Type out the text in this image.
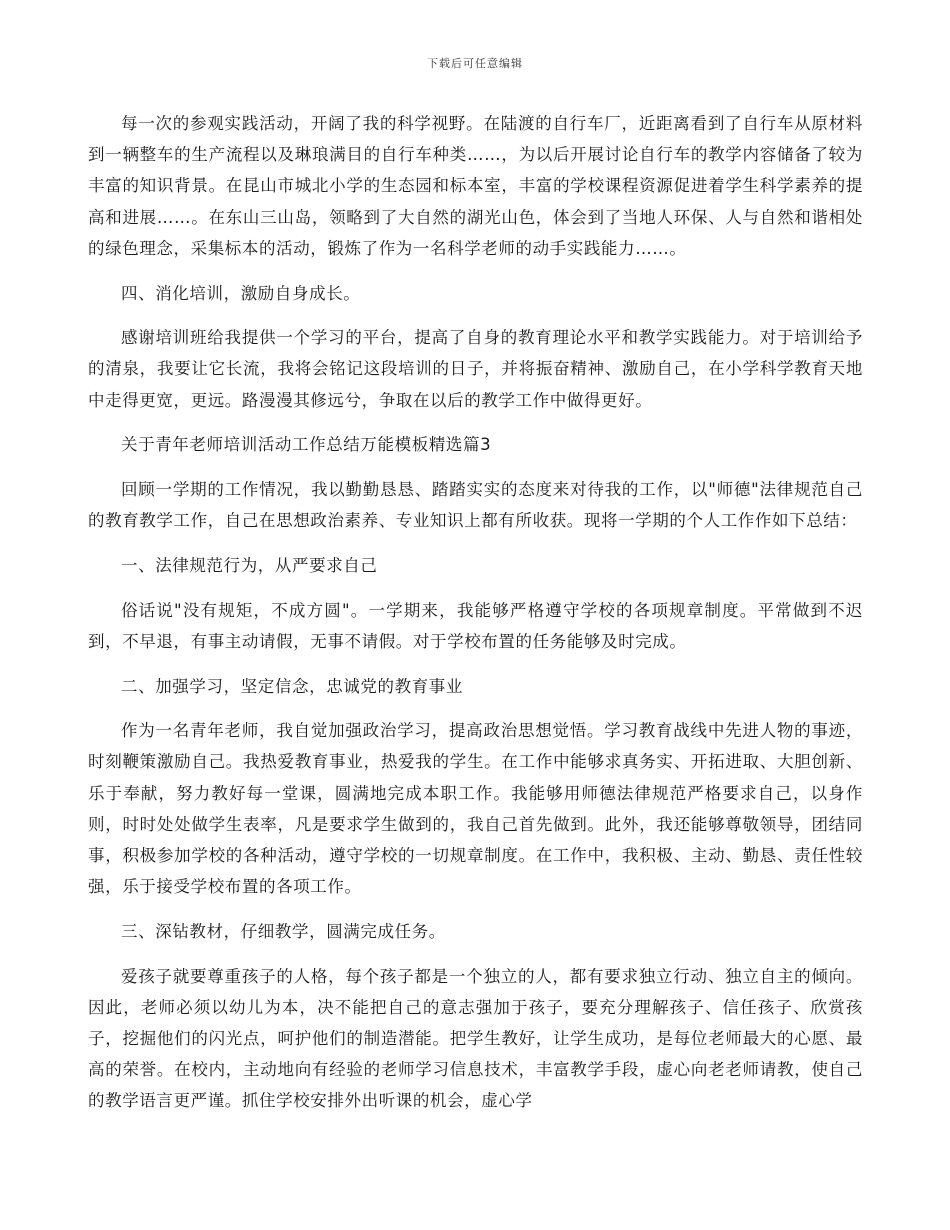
下载后可任意编辑

每一次的参观实践活动，开阔了我的科学视野。在陆渡的自行车厂，近距离看到了自行车从原材料到一辆整车的生产流程以及琳琅满目的自行车种类……，为以后开展讨论自行车的教学内容储备了较为丰富的知识背景。在昆山市城北小学的生态园和标本室，丰富的学校课程资源促进着学生科学素养的提高和进展……。在东山三山岛，领略到了大自然的湖光山色，体会到了当地人环保、人与自然和谐相处的绿色理念，采集标本的活动，锻炼了作为一名科学老师的动手实践能力……。

四、消化培训，激励自身成长。

感谢培训班给我提供一个学习的平台，提高了自身的教育理论水平和教学实践能力。对于培训给予的清泉，我要让它长流，我将会铭记这段培训的日子，并将振奋精神、激励自己，在小学科学教育天地中走得更宽，更远。路漫漫其修远兮，争取在以后的教学工作中做得更好。

关于青年老师培训活动工作总结万能模板精选篇3

回顾一学期的工作情况，我以勤勤恳恳、踏踏实实的态度来对待我的工作，以"师德"法律规范自己的教育教学工作，自己在思想政治素养、专业知识上都有所收获。现将一学期的个人工作作如下总结：

一、法律规范行为，从严要求自己

俗话说"没有规矩，不成方圆"。一学期来，我能够严格遵守学校的各项规章制度。平常做到不迟到，不早退，有事主动请假，无事不请假。对于学校布置的任务能够及时完成。

二、加强学习，坚定信念，忠诚党的教育事业

作为一名青年老师，我自觉加强政治学习，提高政治思想觉悟。学习教育战线中先进人物的事迹，时刻鞭策激励自己。我热爱教育事业，热爱我的学生。在工作中能够求真务实、开拓进取、大胆创新、乐于奉献，努力教好每一堂课，圆满地完成本职工作。我能够用师德法律规范严格要求自己，以身作则，时时处处做学生表率，凡是要求学生做到的，我自己首先做到。此外，我还能够尊敬领导，团结同事，积极参加学校的各种活动，遵守学校的一切规章制度。在工作中，我积极、主动、勤恳、责任性较强，乐于接受学校布置的各项工作。

三、深钻教材，仔细教学，圆满完成任务。

爱孩子就要尊重孩子的人格，每个孩子都是一个独立的人，都有要求独立行动、独立自主的倾向。因此，老师必须以幼儿为本，决不能把自己的意志强加于孩子，要充分理解孩子、信任孩子、欣赏孩子，挖掘他们的闪光点，呵护他们的制造潜能。把学生教好，让学生成功，是每位老师最大的心愿、最高的荣誉。在校内，主动地向有经验的老师学习信息技术，丰富教学手段，虚心向老老师请教，使自己的教学语言更严谨。抓住学校安排外出听课的机会，虚心学
